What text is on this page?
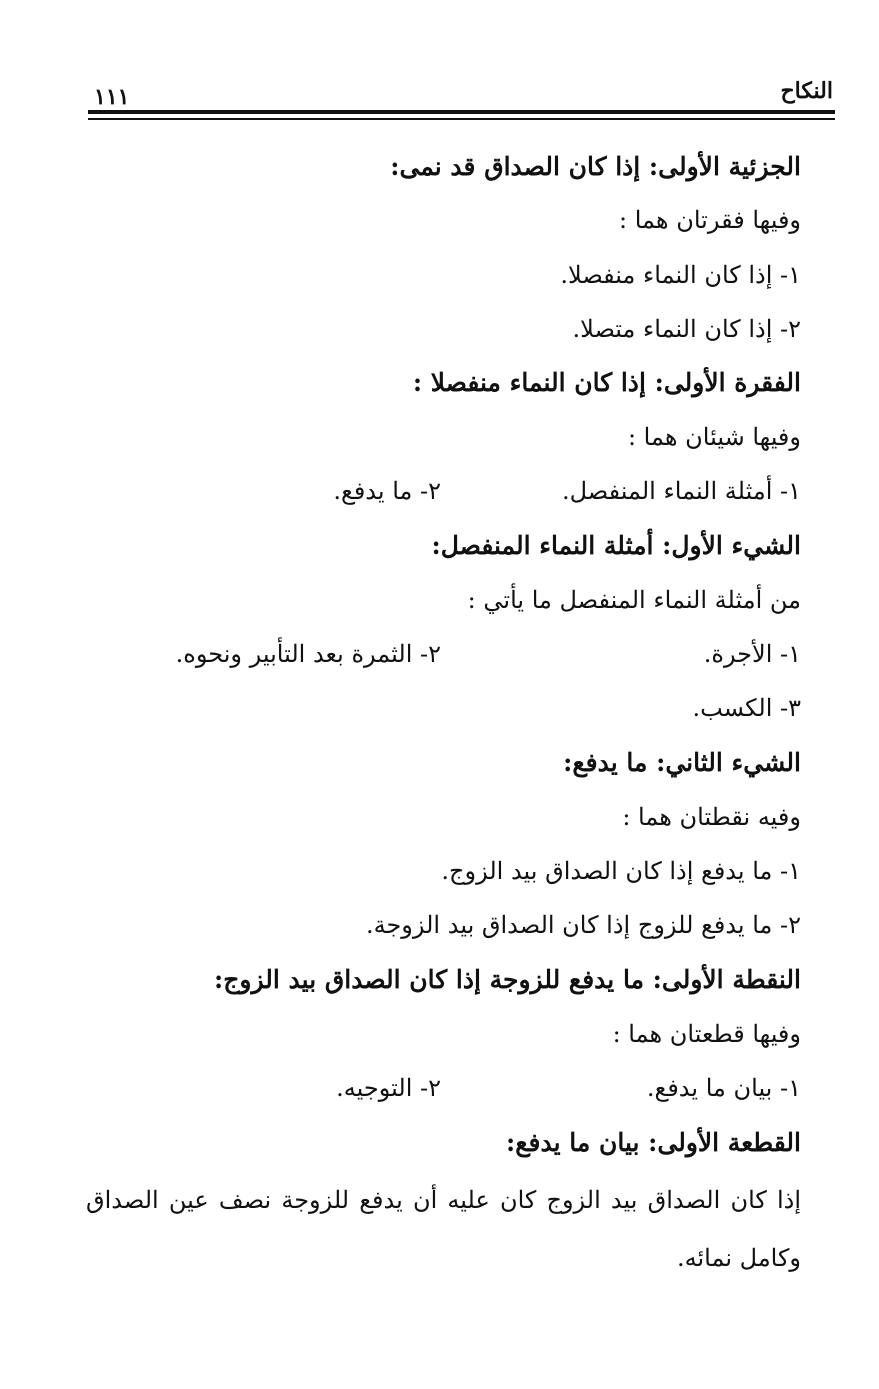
النكاح
١١١
الجزئية الأولى: إذا كان الصداق قد نمى:
وفيها فقرتان هما :
١- إذا كان النماء منفصلا.
٢- إذا كان النماء متصلا.
الفقرة الأولى: إذا كان النماء منفصلا :
وفيها شيئان هما :
١- أمثلة النماء المنفصل.
٢- ما يدفع.
الشيء الأول: أمثلة النماء المنفصل:
من أمثلة النماء المنفصل ما يأتي :
١- الأجرة.
٢- الثمرة بعد التأبير ونحوه.
٣- الكسب.
الشيء الثاني: ما يدفع:
وفيه نقطتان هما :
١- ما يدفع إذا كان الصداق بيد الزوج.
٢- ما يدفع للزوج إذا كان الصداق بيد الزوجة.
النقطة الأولى: ما يدفع للزوجة إذا كان الصداق بيد الزوج:
وفيها قطعتان هما :
١- بيان ما يدفع.
٢- التوجيه.
القطعة الأولى: بيان ما يدفع:
إذا كان الصداق بيد الزوج كان عليه أن يدفع للزوجة نصف عين الصداق
وكامل نمائه.
